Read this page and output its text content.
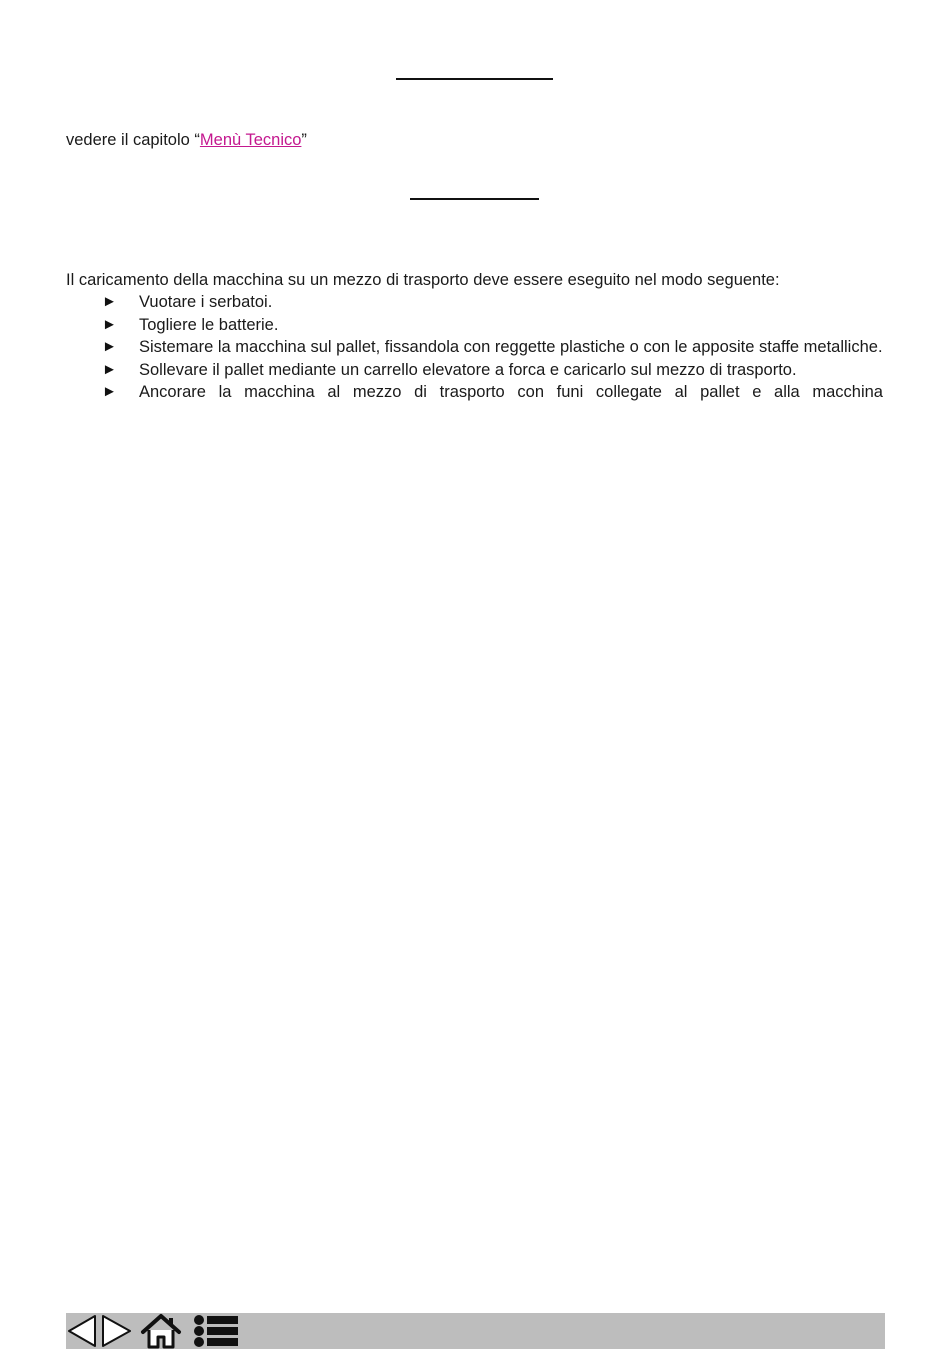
vedere il capitolo “Menù Tecnico”
Il caricamento della macchina su un mezzo di trasporto deve essere eseguito nel modo seguente:
► Vuotare i serbatoi.
► Togliere le batterie.
► Sistemare la macchina sul pallet, fissandola con reggette plastiche o con le apposite staffe metalliche.
► Sollevare il pallet mediante un carrello elevatore a forca e caricarlo sul mezzo di trasporto.
► Ancorare la macchina al mezzo di trasporto con funi collegate al pallet e alla macchina
